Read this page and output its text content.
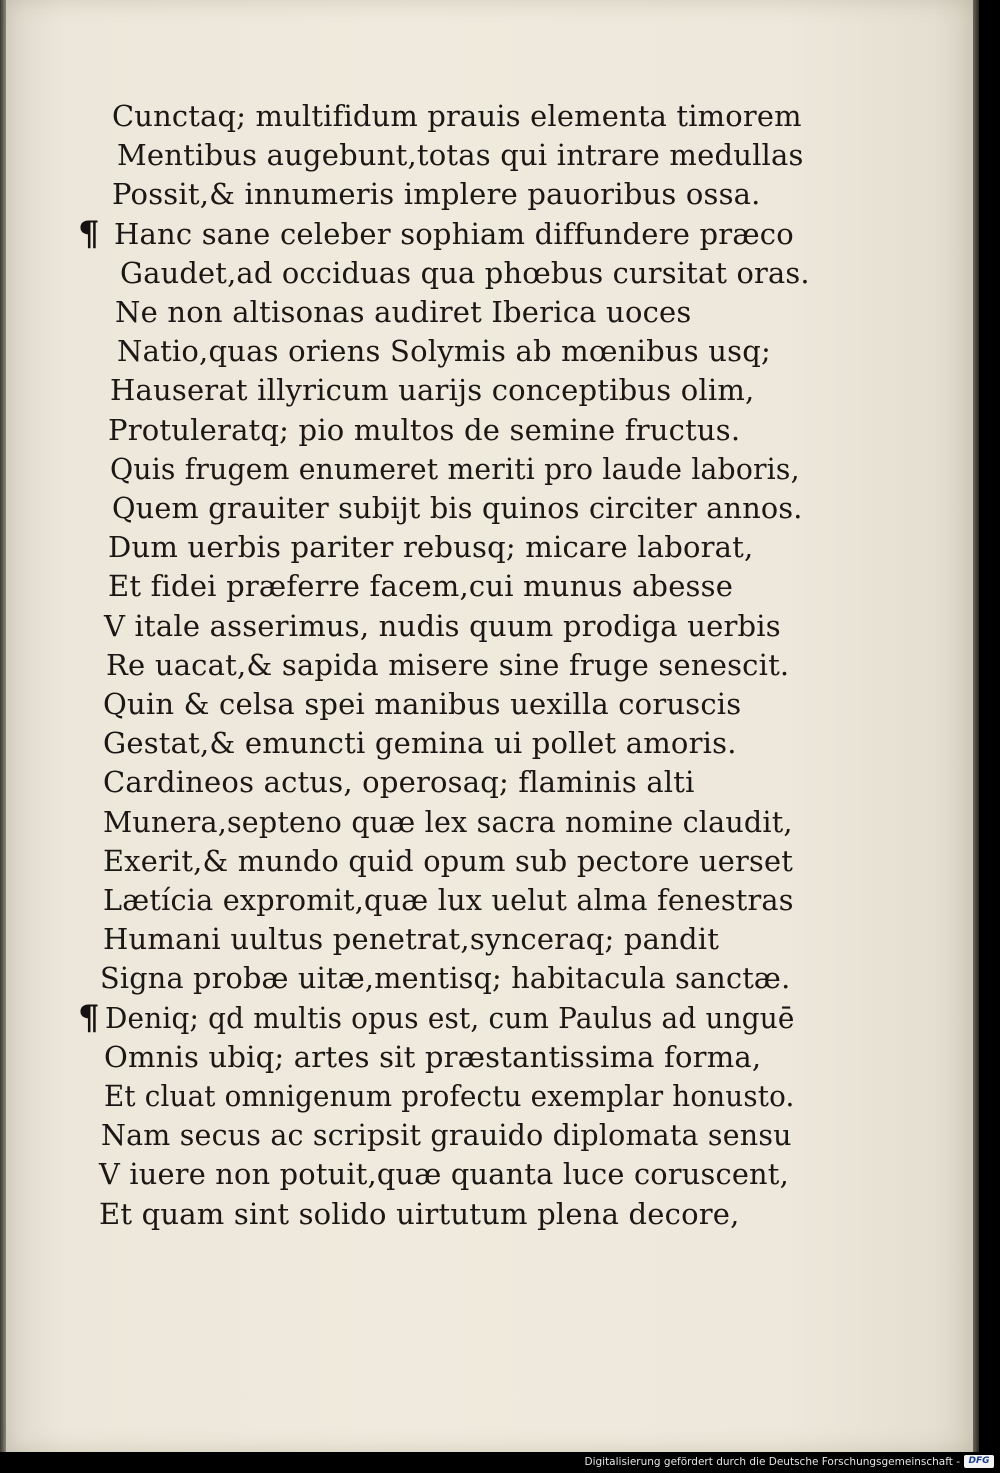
Cunctaq; multifidum prauis elementa timorem
Mentibus augebunt,totas qui intrare medullas
Possit,& innumeris implere pauoribus ossa.
¶ Hanc sane celeber sophiam diffundere præco
Gaudet,ad occiduas qua phœbus cursitat oras.
Ne non altisonas audiret Iberica uoces
Natio,quas oriens Solymis ab mœnibus usq;
Hauserat illyricum uarijs conceptibus olim,
Protuleratq; pio multos de semine fructus.
Quis frugem enumeret meriti pro laude laboris,
Quem grauiter subijt bis quinos circiter annos.
Dum uerbis pariter rebusq; micare laborat,
Et fidei præferre facem,cui munus abesse
V itale asserimus, nudis quum prodiga uerbis
Re uacat,& sapida misere sine fruge senescit.
Quin & celsa spei manibus uexilla coruscis
Gestat,& emuncti gemina ui pollet amoris.
Cardineos actus, operosaq; flaminis alti
Munera,septeno quæ lex sacra nomine claudit,
Exerit,& mundo quid opum sub pectore uerset
Lætícia expromit,quæ lux uelut alma fenestras
Humani uultus penetrat,synceraq; pandit
Signa probæ uitæ,mentisq; habitacula sanctæ.
¶ Deniq; qd multis opus est, cum Paulus ad unguē
Omnis ubiq; artes sit præstantissima forma,
Et cluat omnigenum profectu exemplar honusto.
Nam secus ac scripsit grauido diplomata sensu
V iuere non potuit,quæ quanta luce coruscent,
Et quam sint solido uirtutum plena decore,
Digitalisierung gefördert durch die Deutsche Forschungsgemeinschaft - DFG
